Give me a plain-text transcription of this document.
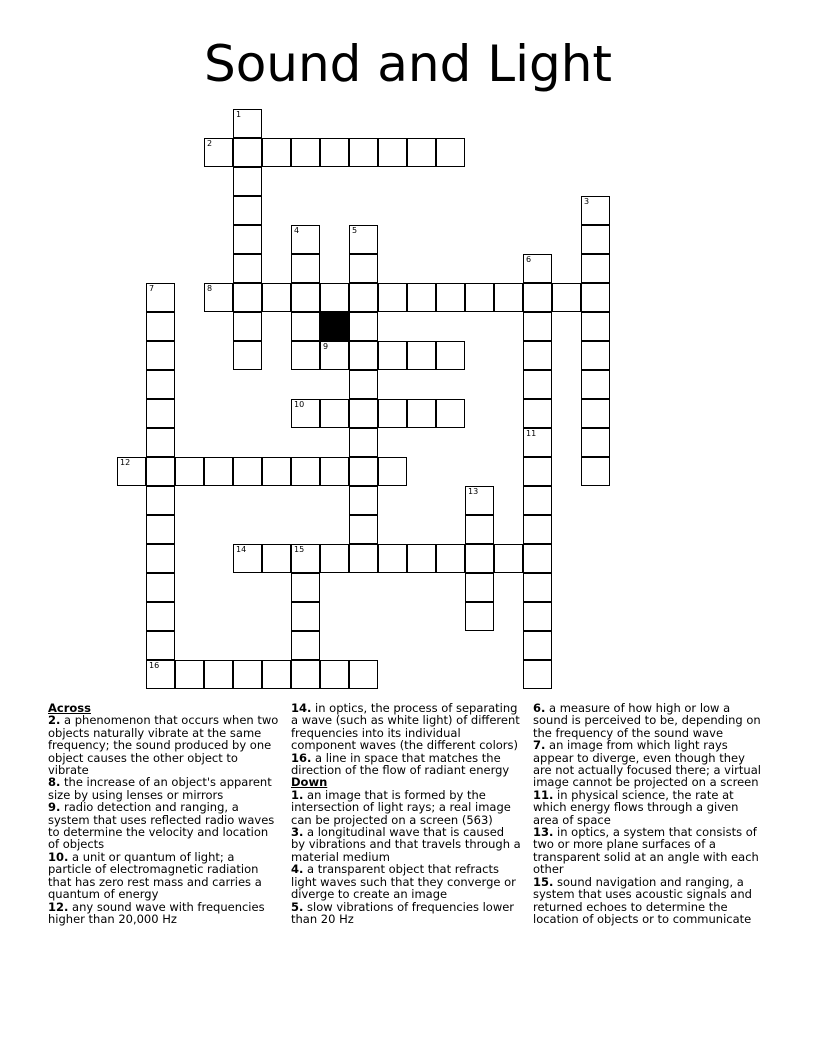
Sound and Light
1
2
3
4	5
6
7	8
9
10
11
12
13
14	15
16

Across

2. a phenomenon that occurs when two objects naturally vibrate at the same frequency; the sound produced by one object causes the other object to vibrate

8. the increase of an object's apparent size by using lenses or mirrors

9. radio detection and ranging, a system that uses reflected radio waves to determine the velocity and location of objects

10. a unit or quantum of light; a particle of electromagnetic radiation that has zero rest mass and carries a quantum of energy

12. any sound wave with frequencies higher than 20,000 Hz

14. in optics, the process of separating a wave (such as white light) of different frequencies into its individual component waves (the different colors)

16. a line in space that matches the direction of the flow of radiant energy

Down

1. an image that is formed by the intersection of light rays; a real image can be projected on a screen (563)

3. a longitudinal wave that is caused by vibrations and that travels through a material medium

4. a transparent object that refracts light waves such that they converge or diverge to create an image

5. slow vibrations of frequencies lower than 20 Hz

6. a measure of how high or low a sound is perceived to be, depending on the frequency of the sound wave

7. an image from which light rays appear to diverge, even though they are not actually focused there; a virtual image cannot be projected on a screen

11. in physical science, the rate at which energy flows through a given area of space

13. in optics, a system that consists of two or more plane surfaces of a transparent solid at an angle with each other

15. sound navigation and ranging, a system that uses acoustic signals and returned echoes to determine the location of objects or to communicate
